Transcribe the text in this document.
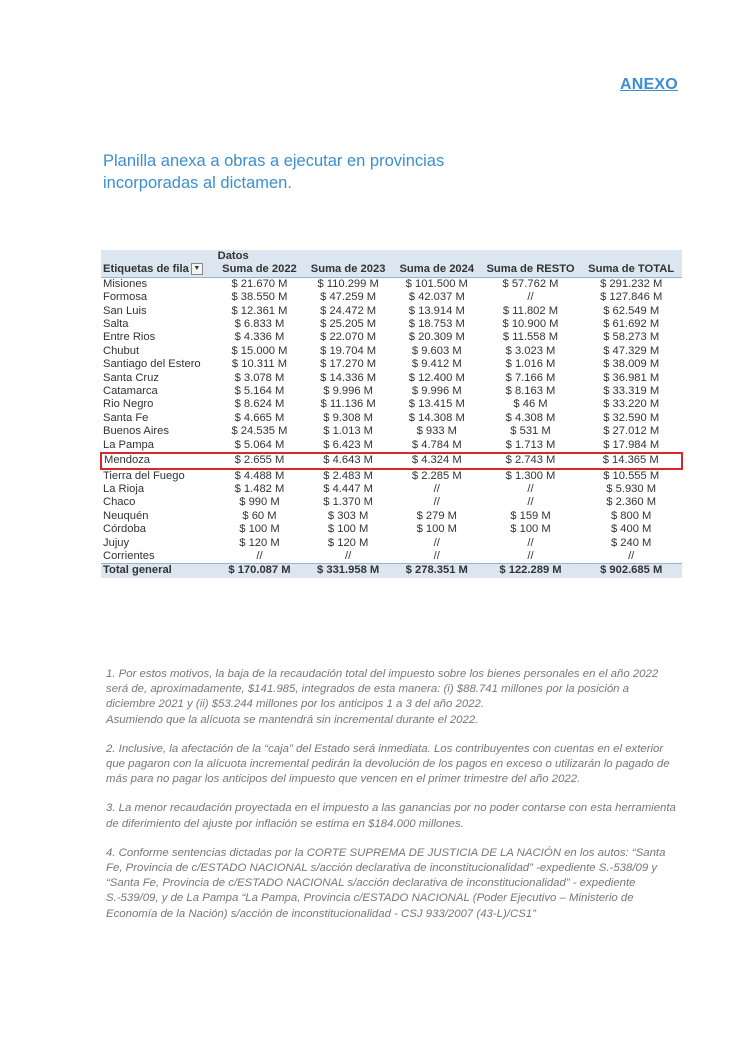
ANEXO
Planilla anexa a obras a ejecutar en provincias incorporadas al dictamen.
	Datos				
Etiquetas de fila ▼	Suma de 2022	Suma de 2023	Suma de 2024	Suma de RESTO	Suma de TOTAL
Misiones	$ 21.670 M	$ 110.299 M	$ 101.500 M	$ 57.762 M	$ 291.232 M
Formosa	$ 38.550 M	$ 47.259 M	$ 42.037 M	//	$ 127.846 M
San Luis	$ 12.361 M	$ 24.472 M	$ 13.914 M	$ 11.802 M	$ 62.549 M
Salta	$ 6.833 M	$ 25.205 M	$ 18.753 M	$ 10.900 M	$ 61.692 M
Entre Rios	$ 4.336 M	$ 22.070 M	$ 20.309 M	$ 11.558 M	$ 58.273 M
Chubut	$ 15.000 M	$ 19.704 M	$ 9.603 M	$ 3.023 M	$ 47.329 M
Santiago del Estero	$ 10.311 M	$ 17.270 M	$ 9.412 M	$ 1.016 M	$ 38.009 M
Santa Cruz	$ 3.078 M	$ 14.336 M	$ 12.400 M	$ 7.166 M	$ 36.981 M
Catamarca	$ 5.164 M	$ 9.996 M	$ 9.996 M	$ 8.163 M	$ 33.319 M
Rio Negro	$ 8.624 M	$ 11.136 M	$ 13.415 M	$ 46 M	$ 33.220 M
Santa Fe	$ 4.665 M	$ 9.308 M	$ 14.308 M	$ 4.308 M	$ 32.590 M
Buenos Aires	$ 24.535 M	$ 1.013 M	$ 933 M	$ 531 M	$ 27.012 M
La Pampa	$ 5.064 M	$ 6.423 M	$ 4.784 M	$ 1.713 M	$ 17.984 M
Mendoza	$ 2.655 M	$ 4.643 M	$ 4.324 M	$ 2.743 M	$ 14.365 M
Tierra del Fuego	$ 4.488 M	$ 2.483 M	$ 2.285 M	$ 1.300 M	$ 10.555 M
La Rioja	$ 1.482 M	$ 4.447 M	//	//	$ 5.930 M
Chaco	$ 990 M	$ 1.370 M	//	//	$ 2.360 M
Neuquén	$ 60 M	$ 303 M	$ 279 M	$ 159 M	$ 800 M
Córdoba	$ 100 M	$ 100 M	$ 100 M	$ 100 M	$ 400 M
Jujuy	$ 120 M	$ 120 M	//	//	$ 240 M
Corrientes	//	//	//	//	//
Total general	$ 170.087 M	$ 331.958 M	$ 278.351 M	$ 122.289 M	$ 902.685 M

1. Por estos motivos, la baja de la recaudación total del impuesto sobre los bienes personales en el año 2022 será de, aproximadamente, $141.985, integrados de esta manera: (i) $88.741 millones por la posición a diciembre 2021 y (ii) $53.244 millones por los anticipos 1 a 3 del año 2022.

Asumiendo que la alícuota se mantendrá sin incremental durante el 2022.

2. Inclusive, la afectación de la “caja” del Estado será inmediata. Los contribuyentes con cuentas en el exterior que pagaron con la alícuota incremental pedirán la devolución de los pagos en exceso o utilizarán lo pagado de más para no pagar los anticipos del impuesto que vencen en el primer trimestre del año 2022.

3. La menor recaudación proyectada en el impuesto a las ganancias por no poder contarse con esta herramienta de diferimiento del ajuste por inflación se estima en $184.000 millones.

4. Conforme sentencias dictadas por la CORTE SUPREMA DE JUSTICIA DE LA NACIÓN en los autos: “Santa Fe, Provincia de c/ESTADO NACIONAL s/acción declarativa de inconstitucionalidad” -expediente S.-538/09 y “Santa Fe, Provincia de c/ESTADO NACIONAL s/acción declarativa de inconstitucionalidad” - expediente S.-539/09, y de La Pampa “La Pampa, Provincia c/ESTADO NACIONAL (Poder Ejecutivo – Ministerio de Economía de la Nación) s/acción de inconstitucionalidad - CSJ 933/2007 (43-L)/CS1”
